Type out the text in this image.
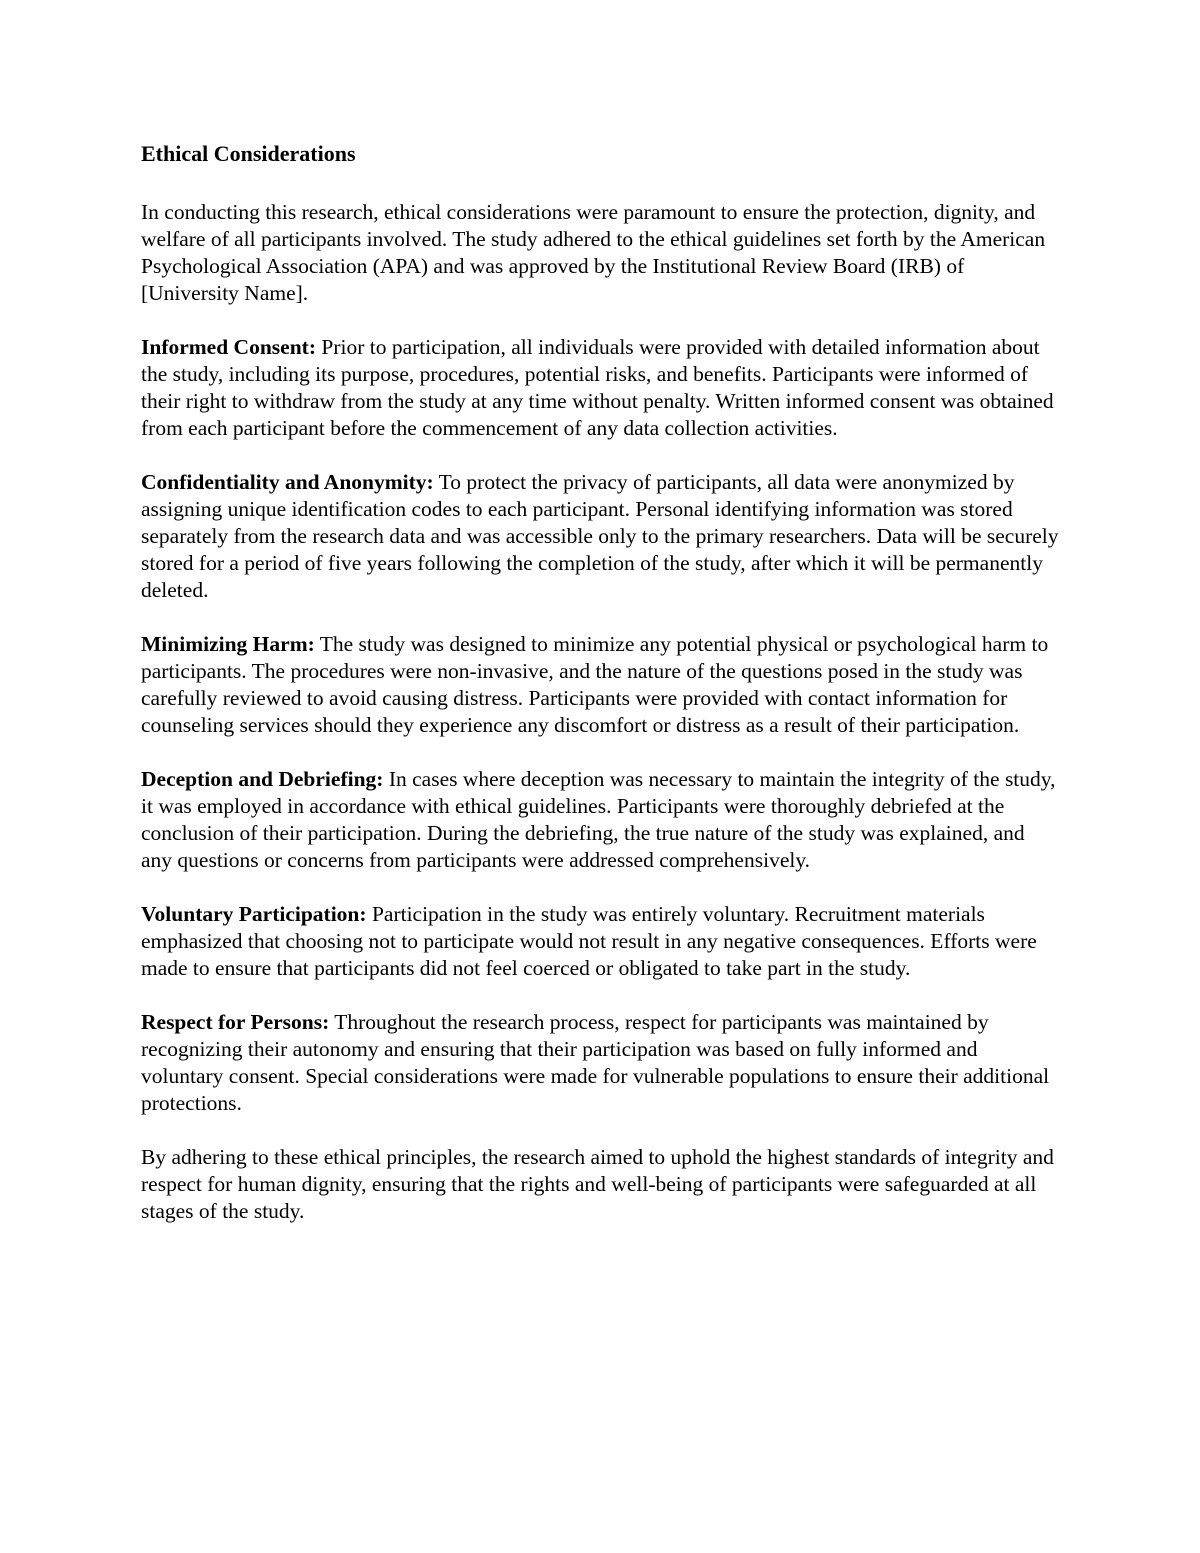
Ethical Considerations

In conducting this research, ethical considerations were paramount to ensure the protection, dignity, and welfare of all participants involved. The study adhered to the ethical guidelines set forth by the American Psychological Association (APA) and was approved by the Institutional Review Board (IRB) of [University Name].

Informed Consent: Prior to participation, all individuals were provided with detailed information about the study, including its purpose, procedures, potential risks, and benefits. Participants were informed of their right to withdraw from the study at any time without penalty. Written informed consent was obtained from each participant before the commencement of any data collection activities.

Confidentiality and Anonymity: To protect the privacy of participants, all data were anonymized by assigning unique identification codes to each participant. Personal identifying information was stored separately from the research data and was accessible only to the primary researchers. Data will be securely stored for a period of five years following the completion of the study, after which it will be permanently deleted.

Minimizing Harm: The study was designed to minimize any potential physical or psychological harm to participants. The procedures were non-invasive, and the nature of the questions posed in the study was carefully reviewed to avoid causing distress. Participants were provided with contact information for counseling services should they experience any discomfort or distress as a result of their participation.

Deception and Debriefing: In cases where deception was necessary to maintain the integrity of the study, it was employed in accordance with ethical guidelines. Participants were thoroughly debriefed at the conclusion of their participation. During the debriefing, the true nature of the study was explained, and any questions or concerns from participants were addressed comprehensively.

Voluntary Participation: Participation in the study was entirely voluntary. Recruitment materials emphasized that choosing not to participate would not result in any negative consequences. Efforts were made to ensure that participants did not feel coerced or obligated to take part in the study.

Respect for Persons: Throughout the research process, respect for participants was maintained by recognizing their autonomy and ensuring that their participation was based on fully informed and voluntary consent. Special considerations were made for vulnerable populations to ensure their additional protections.

By adhering to these ethical principles, the research aimed to uphold the highest standards of integrity and respect for human dignity, ensuring that the rights and well-being of participants were safeguarded at all stages of the study.
